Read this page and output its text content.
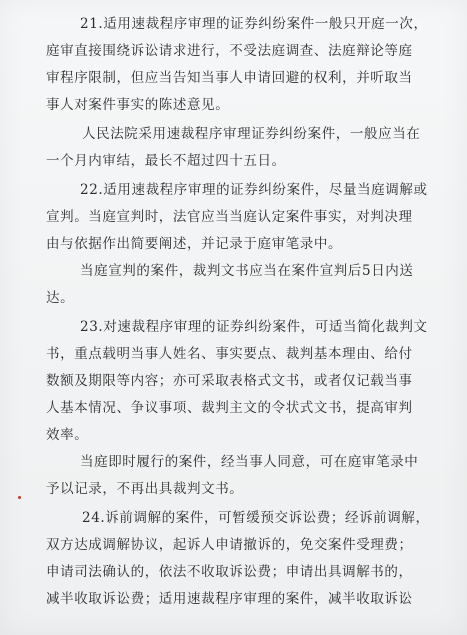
21.适用速裁程序审理的证券纠纷案件一般只开庭一次，
庭审直接围绕诉讼请求进行，不受法庭调查、法庭辩论等庭
审程序限制，但应当告知当事人申请回避的权利，并听取当
事人对案件事实的陈述意见。
人民法院采用速裁程序审理证券纠纷案件，一般应当在
一个月内审结，最长不超过四十五日。
22.适用速裁程序审理的证券纠纷案件，尽量当庭调解或
宣判。当庭宣判时，法官应当当庭认定案件事实，对判决理
由与依据作出简要阐述，并记录于庭审笔录中。
当庭宣判的案件，裁判文书应当在案件宣判后5日内送
达。
23.对速裁程序审理的证券纠纷案件，可适当简化裁判文
书，重点载明当事人姓名、事实要点、裁判基本理由、给付
数额及期限等内容；亦可采取表格式文书，或者仅记载当事
人基本情况、争议事项、裁判主文的令状式文书，提高审判
效率。
当庭即时履行的案件，经当事人同意，可在庭审笔录中
予以记录，不再出具裁判文书。
24.诉前调解的案件，可暂缓预交诉讼费；经诉前调解，
双方达成调解协议，起诉人申请撤诉的，免交案件受理费；
申请司法确认的，依法不收取诉讼费；申请出具调解书的，
减半收取诉讼费；适用速裁程序审理的案件，减半收取诉讼
